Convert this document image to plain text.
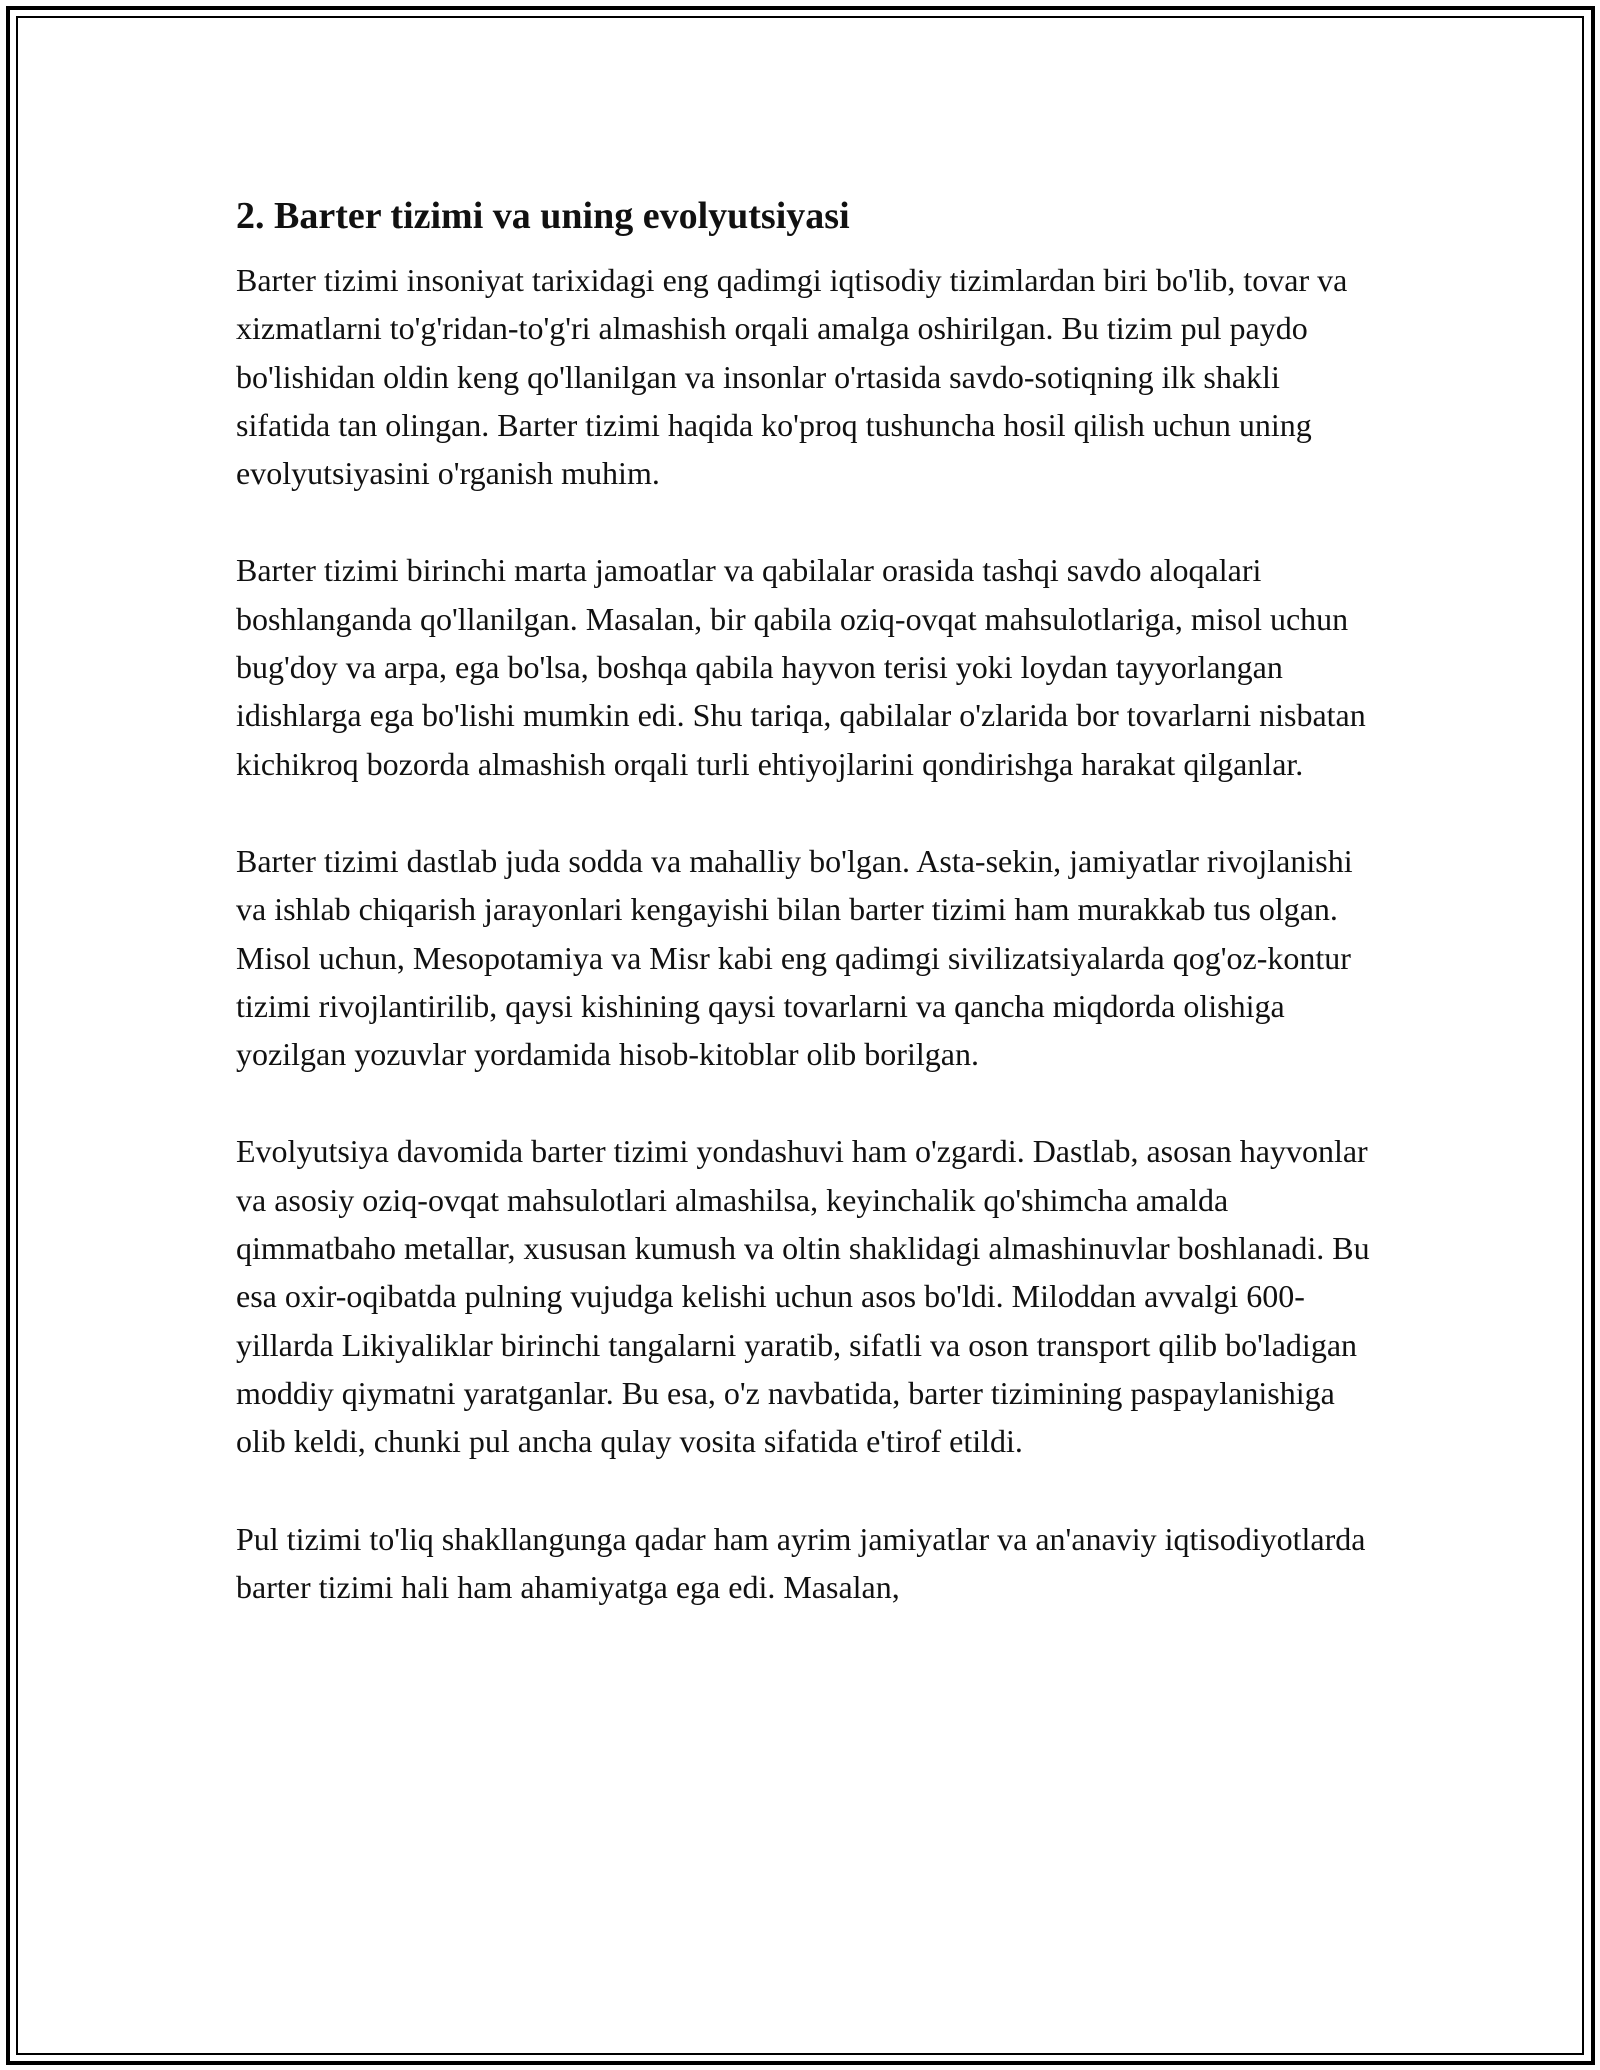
2. Barter tizimi va uning evolyutsiyasi

Barter tizimi insoniyat tarixidagi eng qadimgi iqtisodiy tizimlardan biri bo'lib, tovar va xizmatlarni to'g'ridan-to'g'ri almashish orqali amalga oshirilgan. Bu tizim pul paydo bo'lishidan oldin keng qo'llanilgan va insonlar o'rtasida savdo-sotiqning ilk shakli sifatida tan olingan. Barter tizimi haqida ko'proq tushuncha hosil qilish uchun uning evolyutsiyasini o'rganish muhim.

Barter tizimi birinchi marta jamoatlar va qabilalar orasida tashqi savdo aloqalari boshlanganda qo'llanilgan. Masalan, bir qabila oziq-ovqat mahsulotlariga, misol uchun bug'doy va arpa, ega bo'lsa, boshqa qabila hayvon terisi yoki loydan tayyorlangan idishlarga ega bo'lishi mumkin edi. Shu tariqa, qabilalar o'zlarida bor tovarlarni nisbatan kichikroq bozorda almashish orqali turli ehtiyojlarini qondirishga harakat qilganlar.

Barter tizimi dastlab juda sodda va mahalliy bo'lgan. Asta-sekin, jamiyatlar rivojlanishi va ishlab chiqarish jarayonlari kengayishi bilan barter tizimi ham murakkab tus olgan. Misol uchun, Mesopotamiya va Misr kabi eng qadimgi sivilizatsiyalarda qog'oz-kontur tizimi rivojlantirilib, qaysi kishining qaysi tovarlarni va qancha miqdorda olishiga yozilgan yozuvlar yordamida hisob-kitoblar olib borilgan.

Evolyutsiya davomida barter tizimi yondashuvi ham o'zgardi. Dastlab, asosan hayvonlar va asosiy oziq-ovqat mahsulotlari almashilsa, keyinchalik qo'shimcha amalda qimmatbaho metallar, xususan kumush va oltin shaklidagi almashinuvlar boshlanadi. Bu esa oxir-oqibatda pulning vujudga kelishi uchun asos bo'ldi. Miloddan avvalgi 600-yillarda Likiyaliklar birinchi tangalarni yaratib, sifatli va oson transport qilib bo'ladigan moddiy qiymatni yaratganlar. Bu esa, o'z navbatida, barter tizimining paspaylanishiga olib keldi, chunki pul ancha qulay vosita sifatida e'tirof etildi.

Pul tizimi to'liq shakllangunga qadar ham ayrim jamiyatlar va an'anaviy iqtisodiyotlarda barter tizimi hali ham ahamiyatga ega edi. Masalan,
